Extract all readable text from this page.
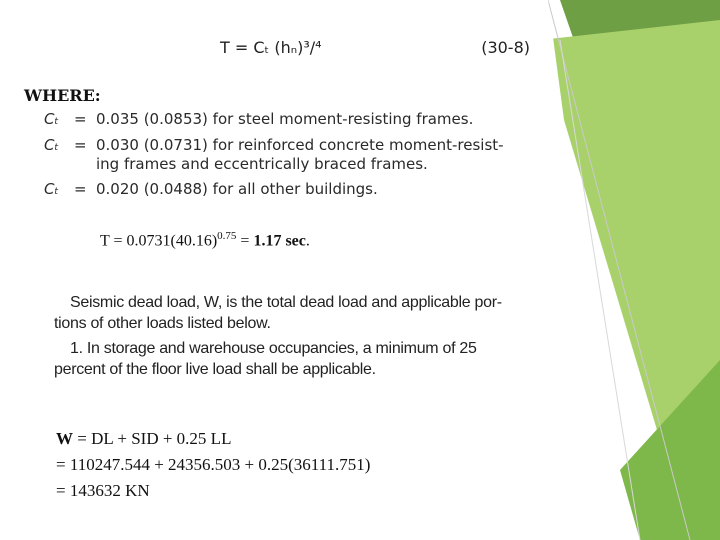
T = Cₜ (hₙ)³/⁴	(30-8)
WHERE:
Cₜ	= 0.035 (0.0853) for steel moment-resisting frames.
Cₜ	= 0.030 (0.0731) for reinforced concrete moment-resist-
ing frames and eccentrically braced frames.
Cₜ	= 0.020 (0.0488) for all other buildings.
$T = 0.0731(40.16)^{0.75} = 1.17$ sec.
Seismic dead load, W, is the total dead load and applicable por-
tions of other loads listed below.
1. In storage and warehouse occupancies, a minimum of 25
percent of the floor live load shall be applicable.
W = DL + SID + 0.25 LL
= 110247.544 + 24356.503 + 0.25(36111.751)
= 143632 KN
